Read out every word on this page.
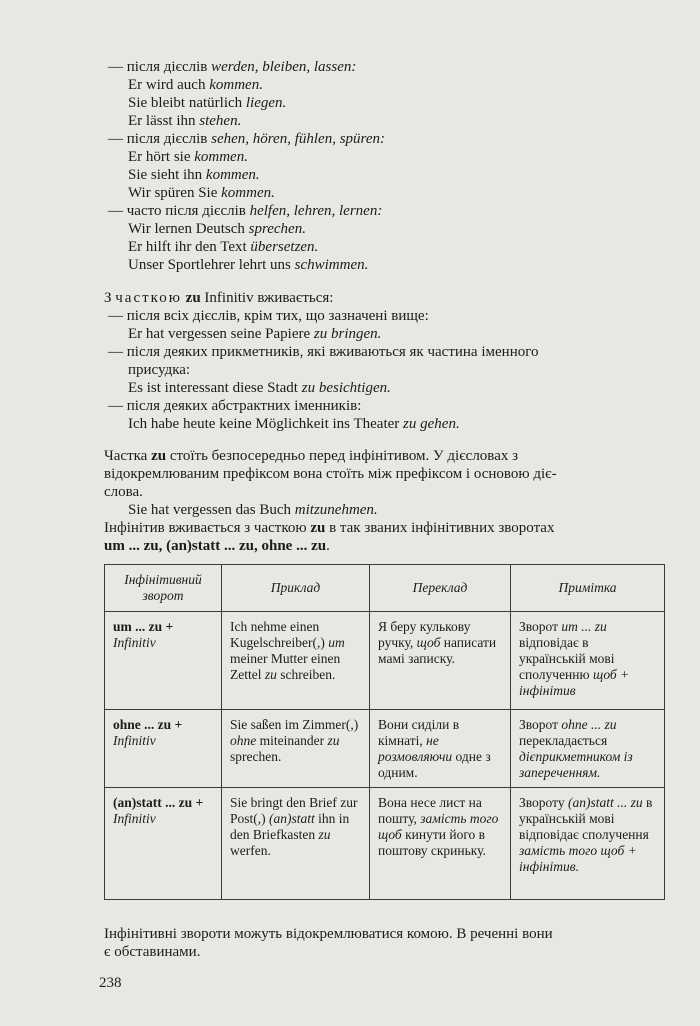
— після дієслів werden, bleiben, lassen:
Er wird auch kommen.
Sie bleibt natürlich liegen.
Er lässt ihn stehen.
— після дієслів sehen, hören, fühlen, spüren:
Er hört sie kommen.
Sie sieht ihn kommen.
Wir spüren Sie kommen.
— часто після дієслів helfen, lehren, lernen:
Wir lernen Deutsch sprechen.
Er hilft ihr den Text übersetzen.
Unser Sportlehrer lehrt uns schwimmen.
З часткою zu Infinitiv вживається:
— після всіх дієслів, крім тих, що зазначені вище:
Er hat vergessen seine Papiere zu bringen.
— після деяких прикметників, які вживаються як частина іменного
присудка:
Es ist interessant diese Stadt zu besichtigen.
— після деяких абстрактних іменників:
Ich habe heute keine Möglichkeit ins Theater zu gehen.
Частка zu стоїть безпосередньо перед інфінітивом. У дієсловах з
відокремлюваним префіксом вона стоїть між префіксом і основою діє-
слова.
Sie hat vergessen das Buch mitzunehmen.
Інфінітив вживається з часткою zu в так званих інфінітивних зворотах
um ... zu, (an)statt ... zu, ohne ... zu.
Інфінітивний зворот	Приклад	Переклад	Примітка
um ... zu + Infinitiv	Ich nehme einen Kugelschreiber(,) um meiner Mutter einen Zettel zu schreiben.	Я беру кулькову ручку, щоб написати мамі записку.	Зворот um ... zu відповідає в українській мові сполученню щоб + інфінітив
ohne ... zu + Infinitiv	Sie saßen im Zimmer(,) ohne miteinander zu sprechen.	Вони сиділи в кімнаті, не розмовляючи одне з одним.	Зворот ohne ... zu перекладається дієприкметником із запереченням.
(an)statt ... zu + Infinitiv	Sie bringt den Brief zur Post(,) (an)statt ihn in den Briefkasten zu werfen.	Вона несе лист на пошту, замість того щоб кинути його в поштову скриньку.	Звороту (an)statt ... zu в українській мові відповідає сполучення замість того щоб + інфінітив.
Інфінітивні звороти можуть відокремлюватися комою. В реченні вони
є обставинами.
238
